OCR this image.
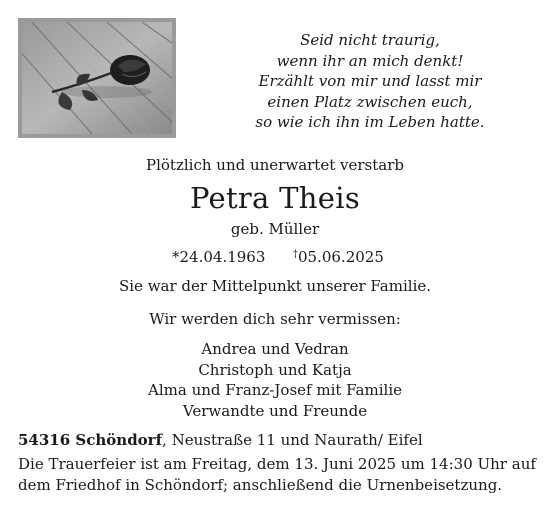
Seid nicht traurig,
wenn ihr an mich denkt!
Erzählt von mir und lasst mir
einen Platz zwischen euch,
so wie ich ihn im Leben hatte.
Plötzlich und unerwartet verstarb
Petra Theis
geb. Müller
*24.04.1963	†05.06.2025
Sie war der Mittelpunkt unserer Familie.
Wir werden dich sehr vermissen:
Andrea und Vedran
Christoph und Katja
Alma und Franz-Josef mit Familie
Verwandte und Freunde
54316 Schöndorf, Neustraße 11 und Naurath/ Eifel
Die Trauerfeier ist am Freitag, dem 13. Juni 2025 um 14:30 Uhr auf
dem Friedhof in Schöndorf; anschließend die Urnenbeisetzung.
